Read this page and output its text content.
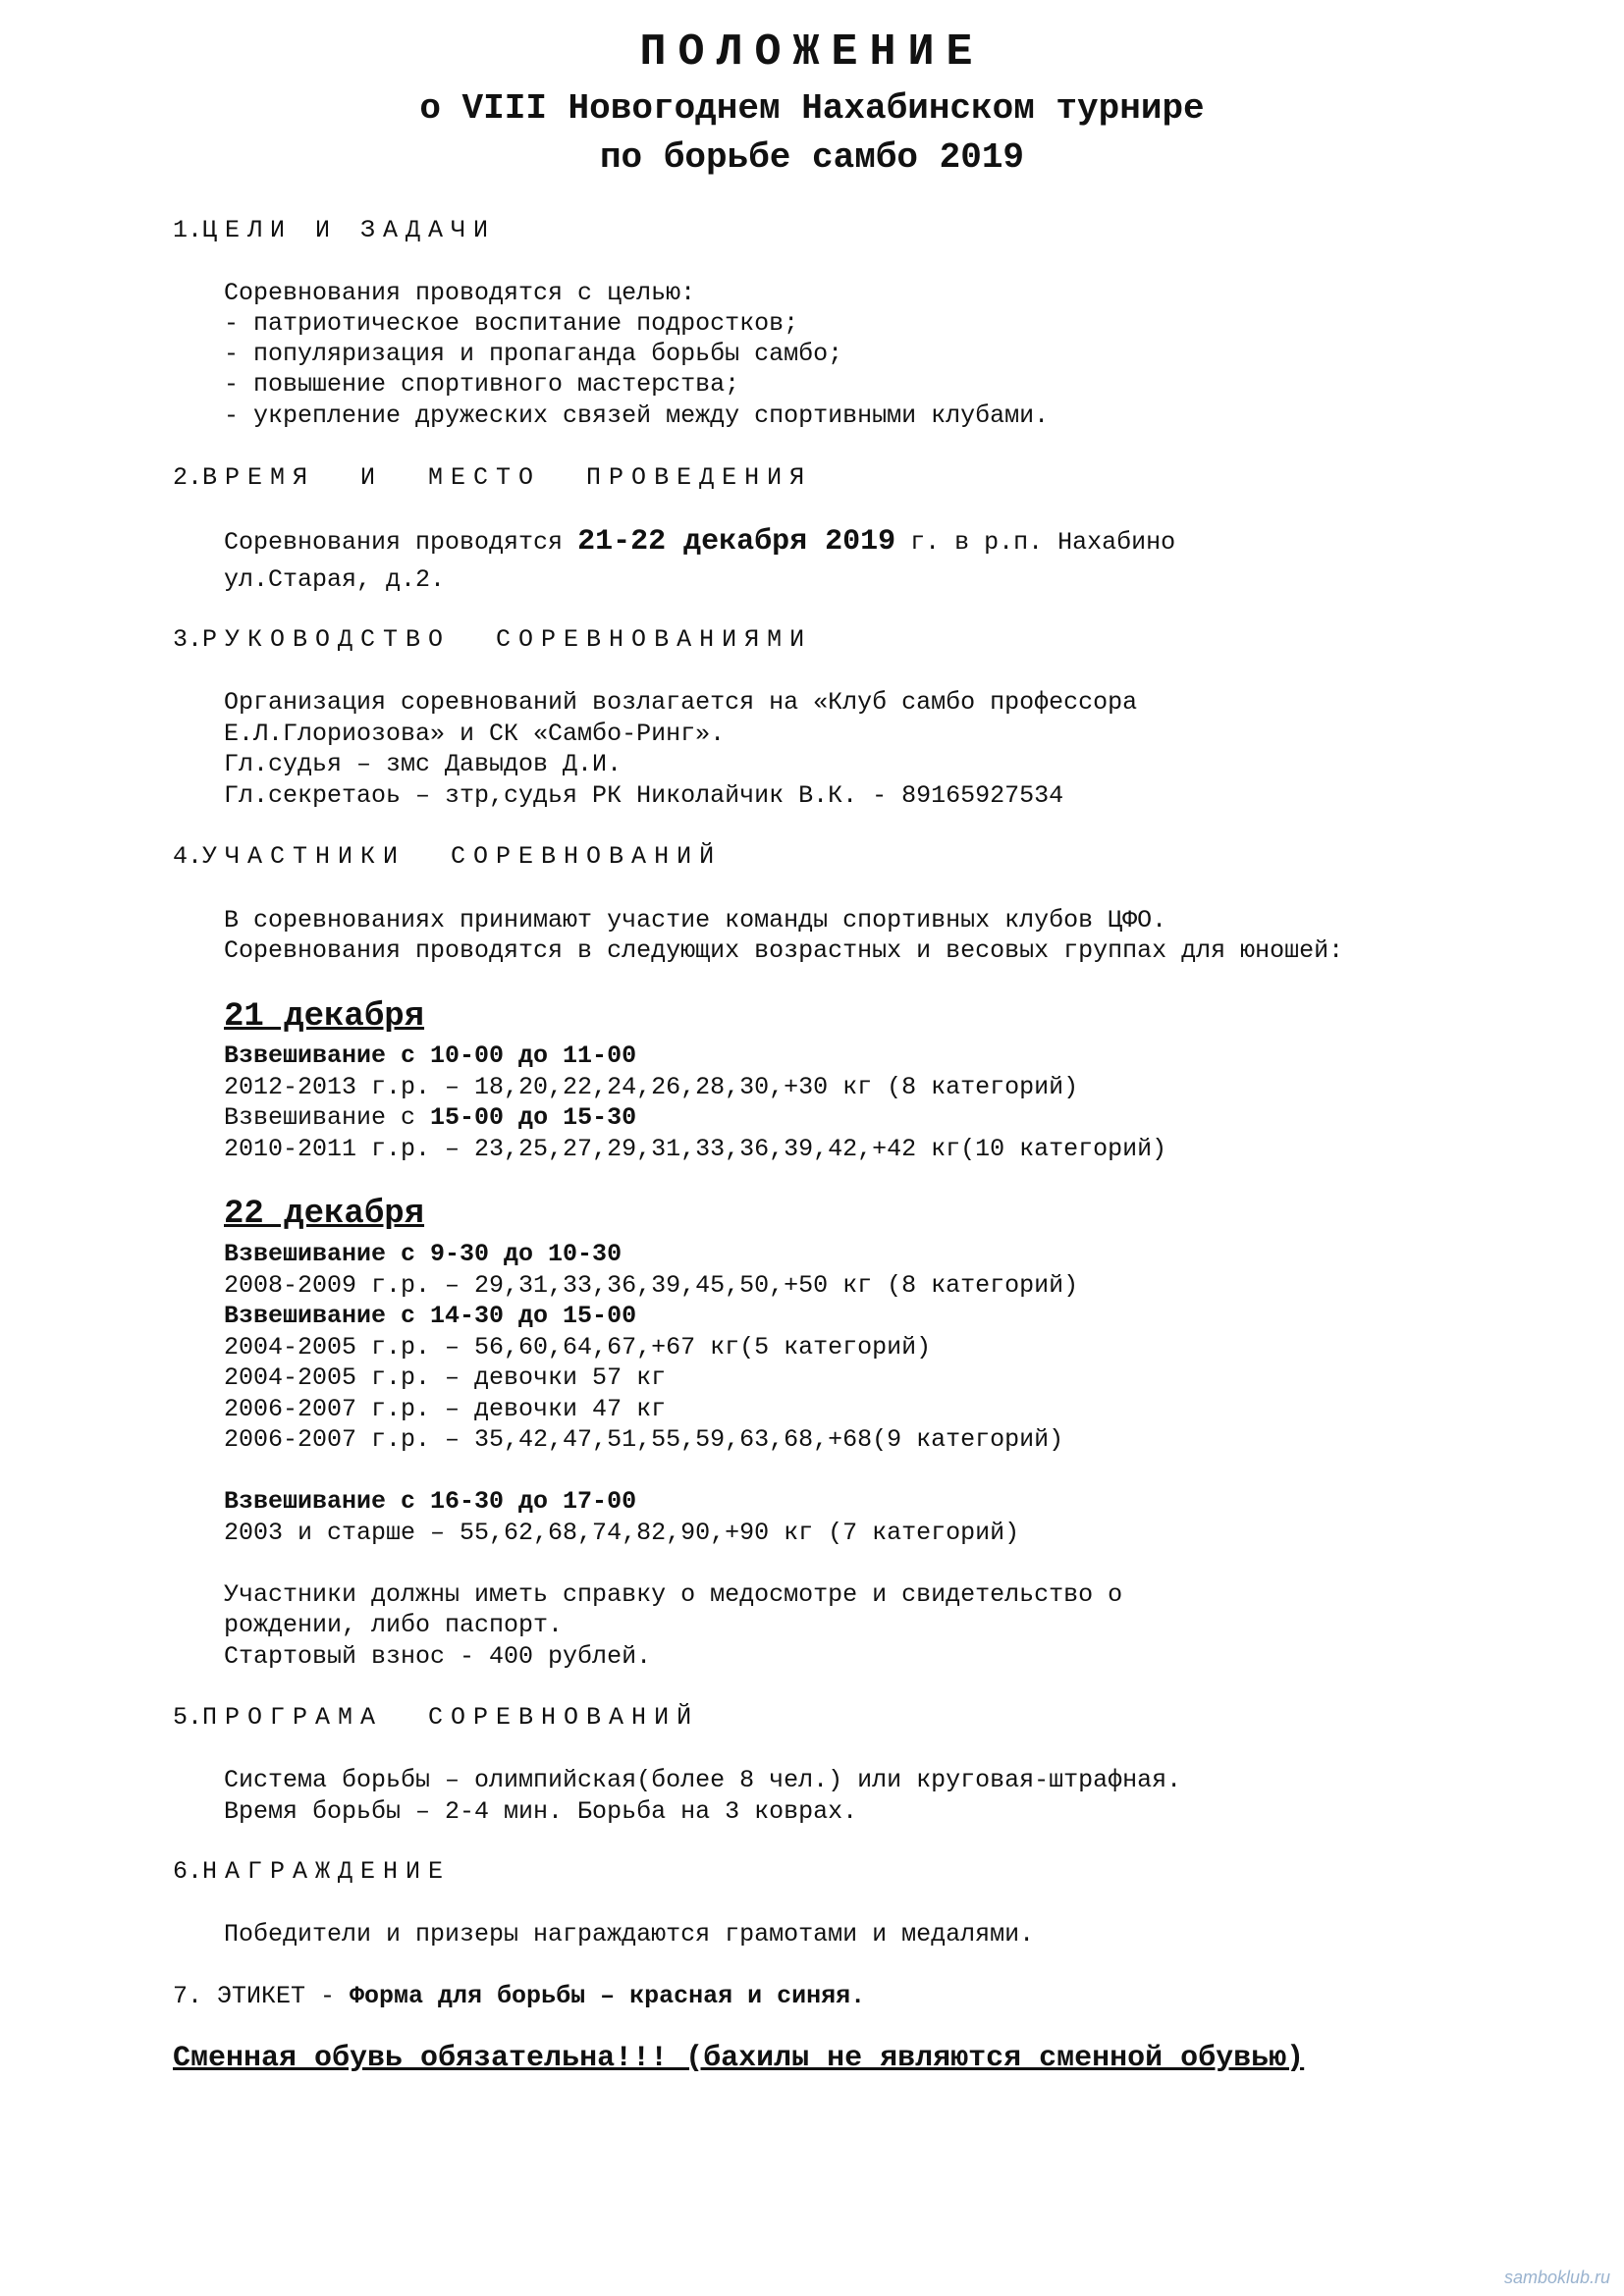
ПОЛОЖЕНИЕ
о VIII Новогоднем Нахабинском турнире
по борьбе самбо 2019
1.ЦЕЛИ И ЗАДАЧИ
Соревнования проводятся с целью:
- патриотическое воспитание подростков;
- популяризация и пропаганда борьбы самбо;
- повышение спортивного мастерства;
- укрепление дружеских связей между спортивными клубами.
2.ВРЕМЯ  И  МЕСТО  ПРОВЕДЕНИЯ
Соревнования проводятся 21-22 декабря 2019 г. в р.п. Нахабино
ул.Старая, д.2.
3.РУКОВОДСТВО  СОРЕВНОВАНИЯМИ
Организация соревнований возлагается на «Клуб самбо профессора
Е.Л.Глориозова» и СК «Самбо-Ринг».
Гл.судья – змс Давыдов Д.И.
Гл.секретаоь – зтр,судья РК Николайчик В.К. - 89165927534
4.УЧАСТНИКИ  СОРЕВНОВАНИЙ
В соревнованиях принимают участие команды спортивных клубов ЦФО.
Соревнования проводятся в следующих возрастных и весовых группах для юношей:
21 декабря
Взвешивание с 10-00 до 11-00
2012-2013 г.р. – 18,20,22,24,26,28,30,+30 кг (8 категорий)
Взвешивание с 15-00 до 15-30
2010-2011 г.р. – 23,25,27,29,31,33,36,39,42,+42 кг(10 категорий)
22 декабря
Взвешивание с 9-30 до 10-30
2008-2009 г.р. – 29,31,33,36,39,45,50,+50 кг (8 категорий)
Взвешивание с 14-30 до 15-00
2004-2005 г.р. – 56,60,64,67,+67 кг(5 категорий)
2004-2005 г.р. – девочки 57 кг
2006-2007 г.р. – девочки 47 кг
2006-2007 г.р. – 35,42,47,51,55,59,63,68,+68(9 категорий)
Взвешивание с 16-30 до 17-00
2003 и старше – 55,62,68,74,82,90,+90 кг (7 категорий)
Участники должны иметь справку о медосмотре и свидетельство о
рождении, либо паспорт.
Стартовый взнос - 400 рублей.
5.ПРОГРАМА  СОРЕВНОВАНИЙ
Система борьбы – олимпийская(более 8 чел.) или круговая-штрафная.
Время борьбы – 2-4 мин. Борьба на 3 коврах.
6.НАГРАЖДЕНИЕ
Победители и призеры награждаются грамотами и медалями.
7. ЭТИКЕТ - Форма для борьбы – красная и синяя.
Сменная обувь обязательна!!! (бахилы не являются сменной обувью)
samboklub.ru
